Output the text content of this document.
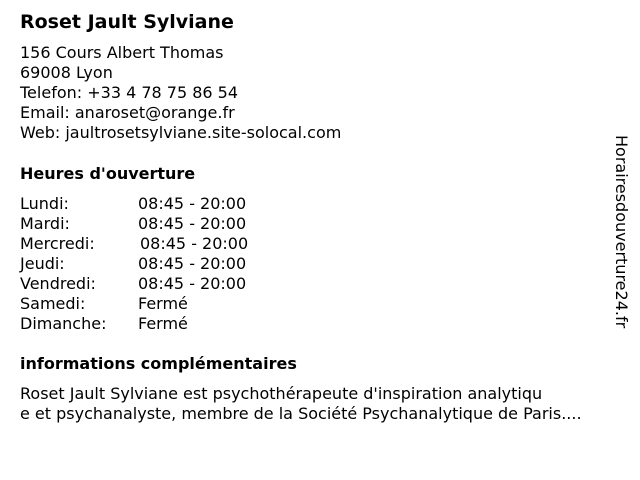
Roset Jault Sylviane
156 Cours Albert Thomas
69008 Lyon
Telefon: +33 4 78 75 86 54
Email: anaroset@orange.fr
Web: jaultrosetsylviane.site-solocal.com
Heures d'ouverture
Lundi:	08:45 - 20:00
Mardi:	08:45 - 20:00
Mercredi:	08:45 - 20:00
Jeudi:	08:45 - 20:00
Vendredi:	08:45 - 20:00
Samedi:	Fermé
Dimanche: Fermé
informations complémentaires
Roset Jault Sylviane est psychothérapeute d'inspiration analytiqu
e et psychanalyste, membre de la Société Psychanalytique de Paris....
Horairesdouverture24.fr
